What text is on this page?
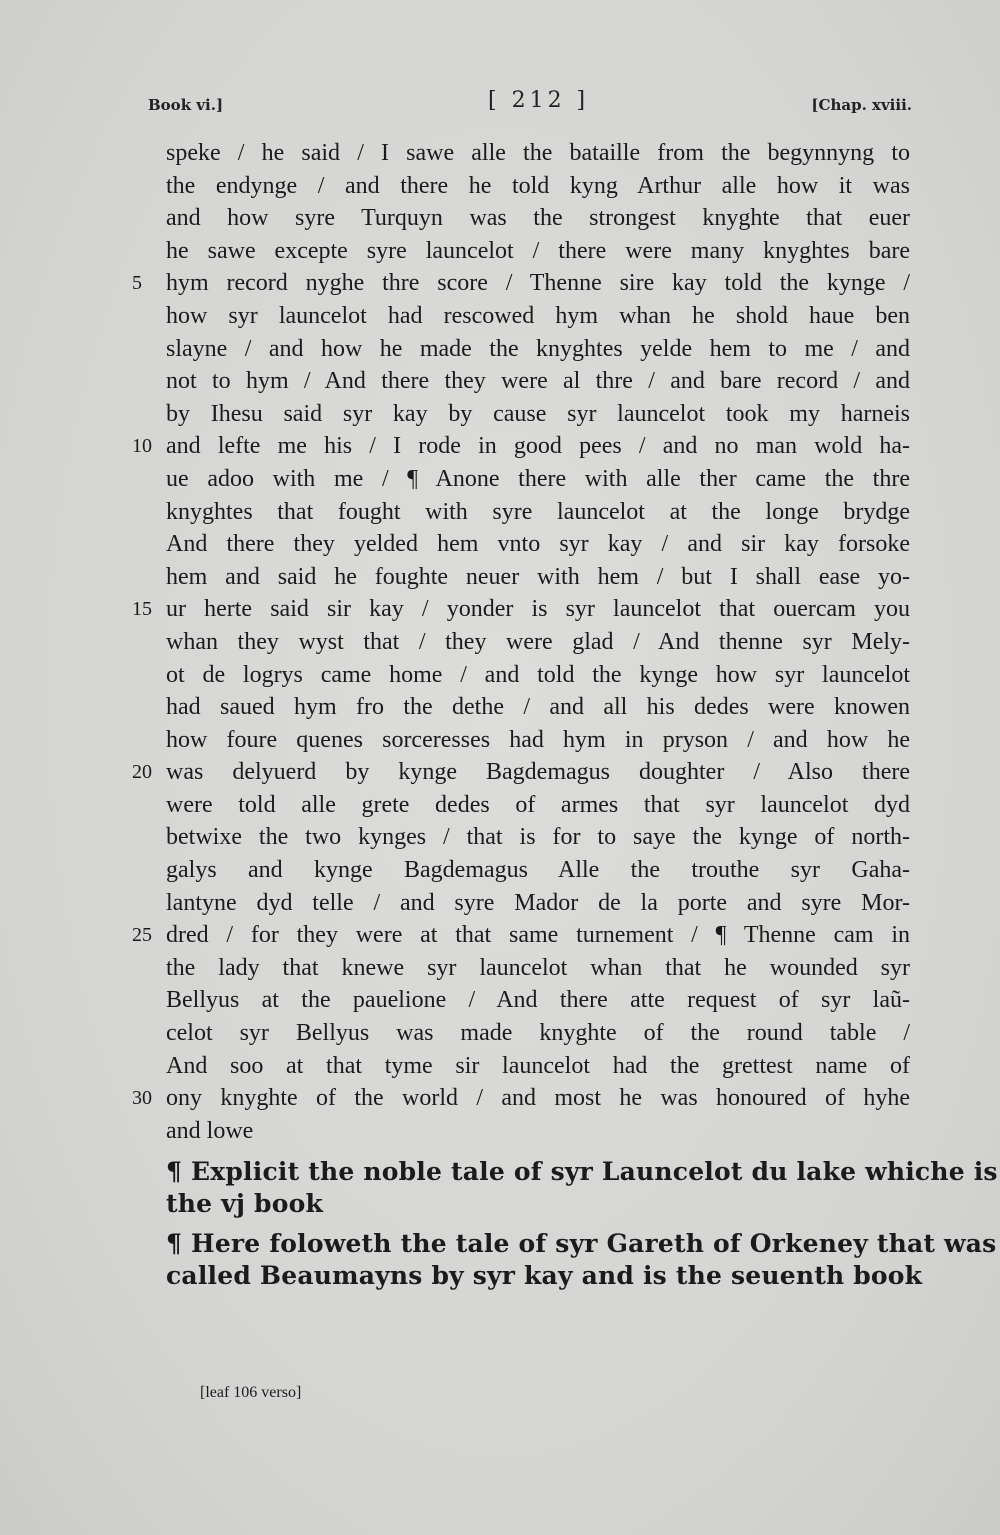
Book vi.]	[ 212 ]	[Chap. xviii.
speke / he said / I sawe alle the bataille from the begynnyng to
the endynge / and there he told kyng Arthur alle how it was
and how syre Turquyn was the strongest knyghte that euer
he sawe excepte syre launcelot / there were many knyghtes bare
hym record nyghe thre score / Thenne sire kay told the kynge /
5
how syr launcelot had rescowed hym whan he shold haue ben
slayne / and how he made the knyghtes yelde hem to me / and
not to hym / And there they were al thre / and bare record / and
by Ihesu said syr kay by cause syr launcelot took my harneis
and lefte me his / I rode in good pees / and no man wold ha-
10
ue adoo with me / ¶ Anone there with alle ther came the thre
knyghtes that fought with syre launcelot at the longe brydge
And there they yelded hem vnto syr kay / and sir kay forsoke
hem and said he foughte neuer with hem / but I shall ease yo-
ur herte said sir kay / yonder is syr launcelot that ouercam you
15
whan they wyst that / they were glad / And thenne syr Mely-
ot de logrys came home / and told the kynge how syr launcelot
had saued hym fro the dethe / and all his dedes were knowen
how foure quenes sorceresses had hym in pryson / and how he
was delyuerd by kynge Bagdemagus doughter / Also there
20
were told alle grete dedes of armes that syr launcelot dyd
betwixe the two kynges / that is for to saye the kynge of north-
galys and kynge Bagdemagus Alle the trouthe syr Gaha-
lantyne dyd telle / and syre Mador de la porte and syre Mor-
dred / for they were at that same turnement / ¶ Thenne cam in
25
the lady that knewe syr launcelot whan that he wounded syr
Bellyus at the pauelione / And there atte request of syr laũ-
celot syr Bellyus was made knyghte of the round table /
And soo at that tyme sir launcelot had the grettest name of
ony knyghte of the world / and most he was honoured of hyhe
30
and lowe
¶ Explicit the noble tale of syr Launcelot du lake whiche is
the vj book
¶ Here foloweth the tale of syr Gareth of Orkeney that was
called Beaumayns by syr kay and is the seuenth book
[leaf 106 verso]
